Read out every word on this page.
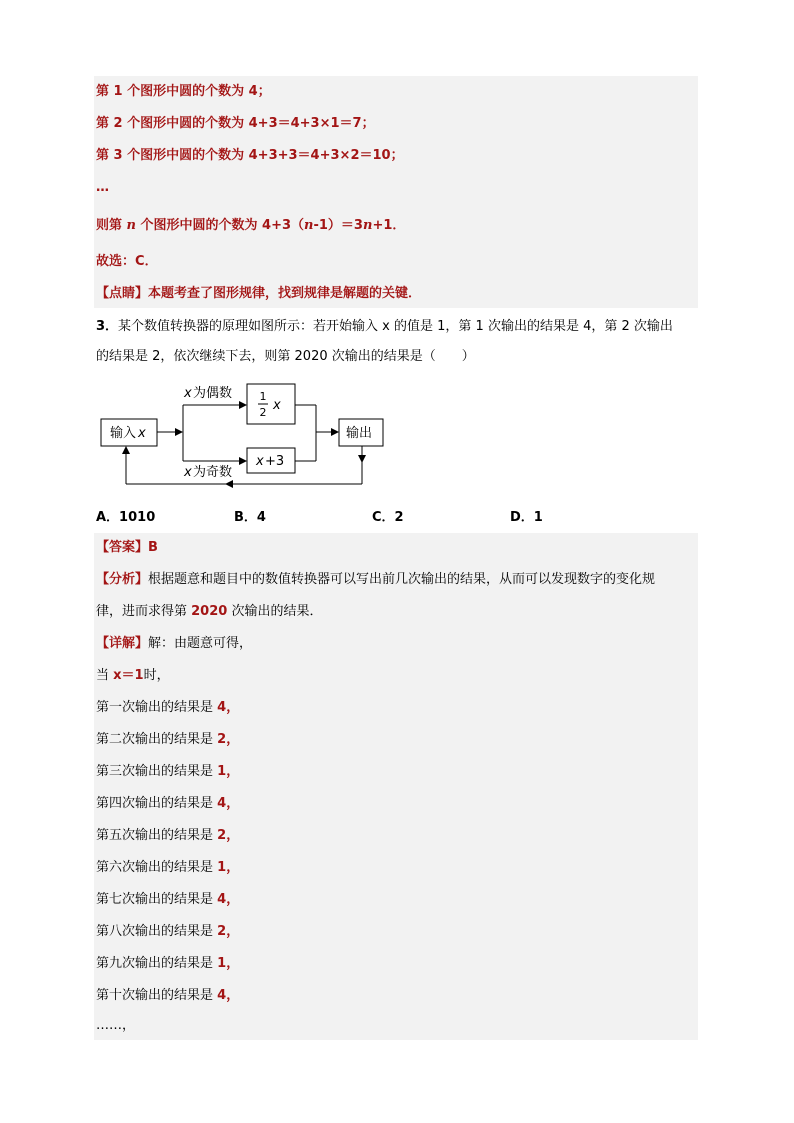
第 1 个图形中圆的个数为 4；
第 2 个图形中圆的个数为 4+3＝4+3×1＝7；
第 3 个图形中圆的个数为 4+3+3＝4+3×2＝10；
…
则第 n 个图形中圆的个数为 4+3（n-1）＝3n+1．
故选：C．
【点睛】本题考查了图形规律，找到规律是解题的关键．
3．某个数值转换器的原理如图所示：若开始输入 x 的值是 1，第 1 次输出的结果是 4，第 2 次输出
的结果是 2，依次继续下去，则第 2020 次输出的结果是（　　）
输入 x
x 为偶数
x 为奇数
1
2 x
x +3
输出
A．1010	B．4	C．2	D．1
【答案】B
【分析】根据题意和题目中的数值转换器可以写出前几次输出的结果，从而可以发现数字的变化规
律，进而求得第 2020 次输出的结果．
【详解】解：由题意可得，
当 x＝1时，
第一次输出的结果是 4，
第二次输出的结果是 2，
第三次输出的结果是 1，
第四次输出的结果是 4，
第五次输出的结果是 2，
第六次输出的结果是 1，
第七次输出的结果是 4，
第八次输出的结果是 2，
第九次输出的结果是 1，
第十次输出的结果是 4，
……，
